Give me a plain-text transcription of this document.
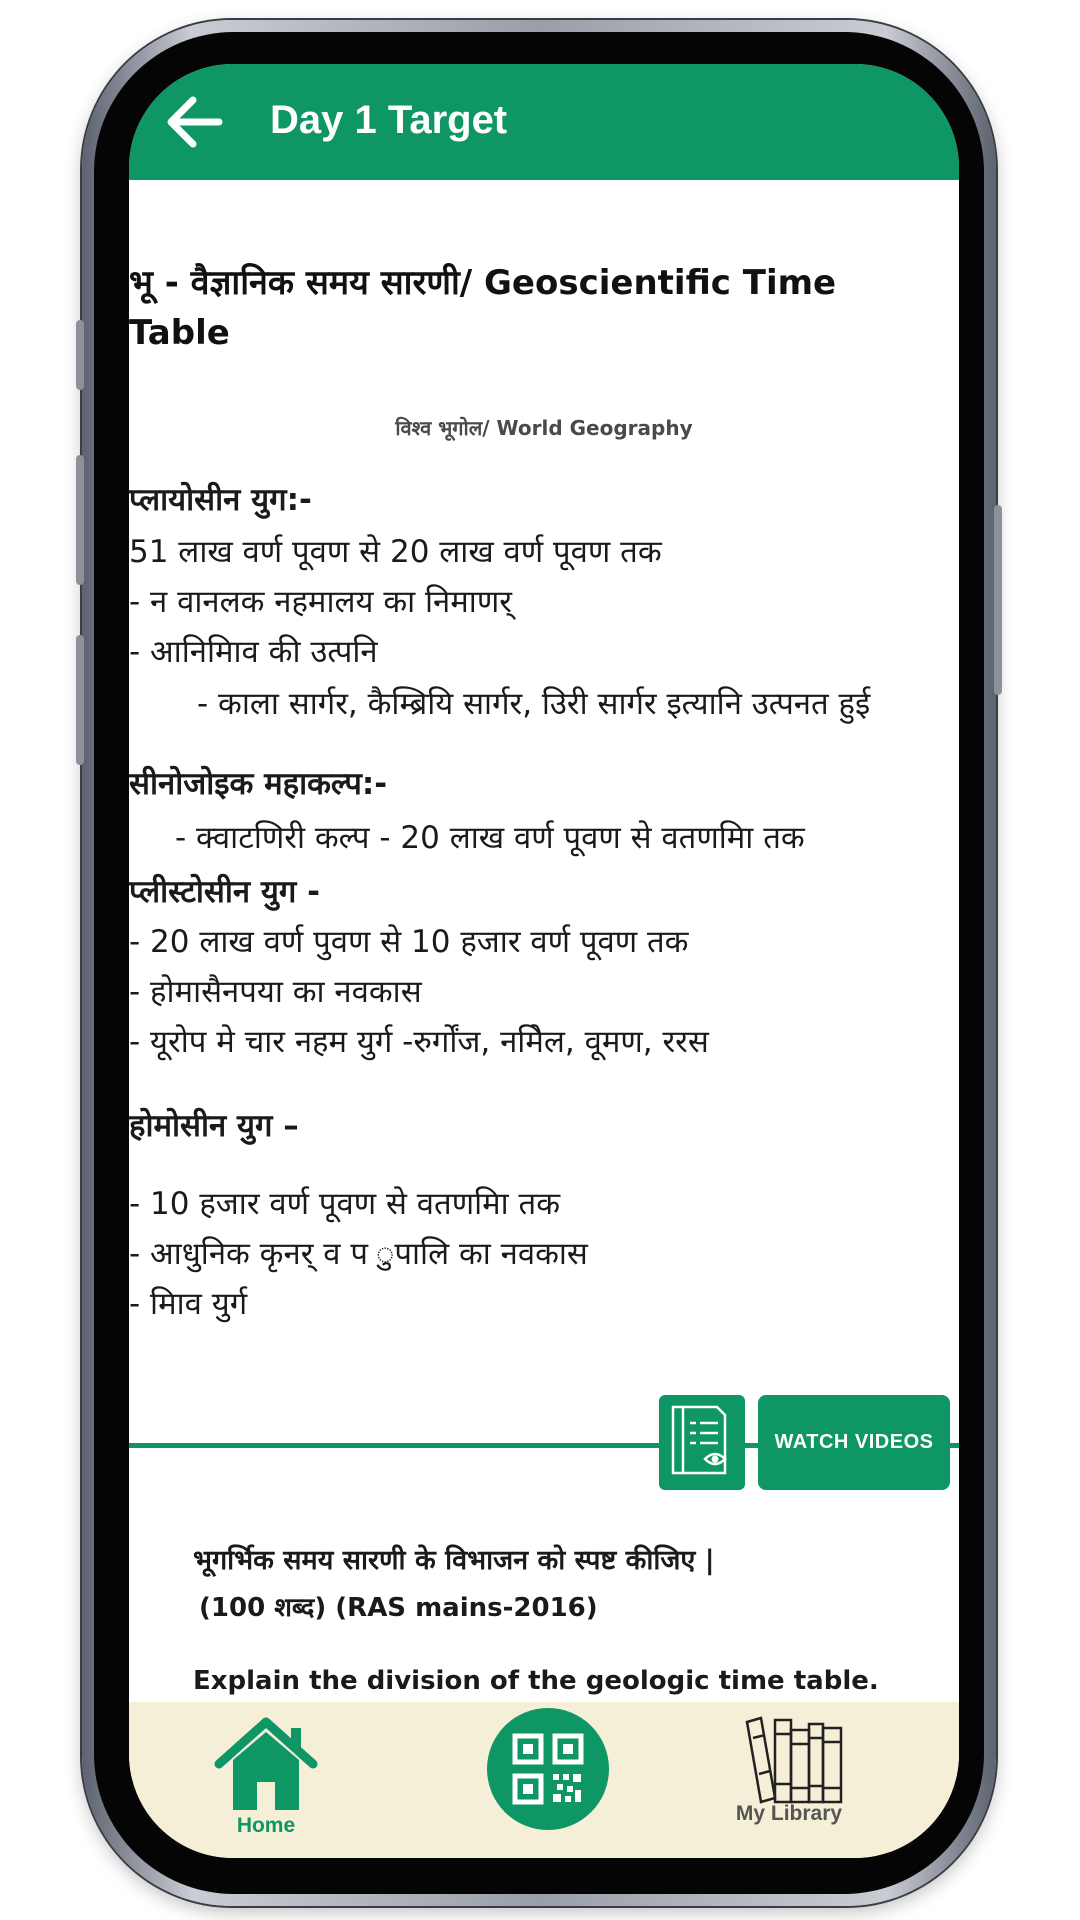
Day 1 Target
भू - वैज्ञानिक समय सारणी/ Geoscientific Time Table
विश्व भूगोल/ World Geography
प्लायोसीन युग:-
51 लाख वर्ण पूवण से 20 लाख वर्ण पूवण तक
- न वानलक नहमालय का निमाणर्
- आनिमिाव की उत्पनि
- काला सार्गर, कैम्ब्रियि सार्गर, उिरी सार्गर इत्यानि उत्पनत हुई
सीनोजोइक महाकल्प:-
- क्वाटणिरी कल्प - 20 लाख वर्ण पूवण से वतणमिा तक
प्लीस्टोसीन युग -
- 20 लाख वर्ण पुवण से 10 हजार वर्ण पूवण तक
- होमासैनपया का नवकास
- यूरोप मे चार नहम युर्ग -रुर्गोंज, नमिेल, वूमण, ररस
होमोसीन युग –
- 10 हजार वर्ण पूवण से वतणमिा तक
- आधुनिक कृनर् व प ुपालि का नवकास
- मिाव युर्ग
WATCH VIDEOS
भूगर्भिक समय सारणी के विभाजन को स्पष्ट कीजिए |
(100 शब्द) (RAS mains-2016)
Explain the division of the geologic time table.
Home
My Library
